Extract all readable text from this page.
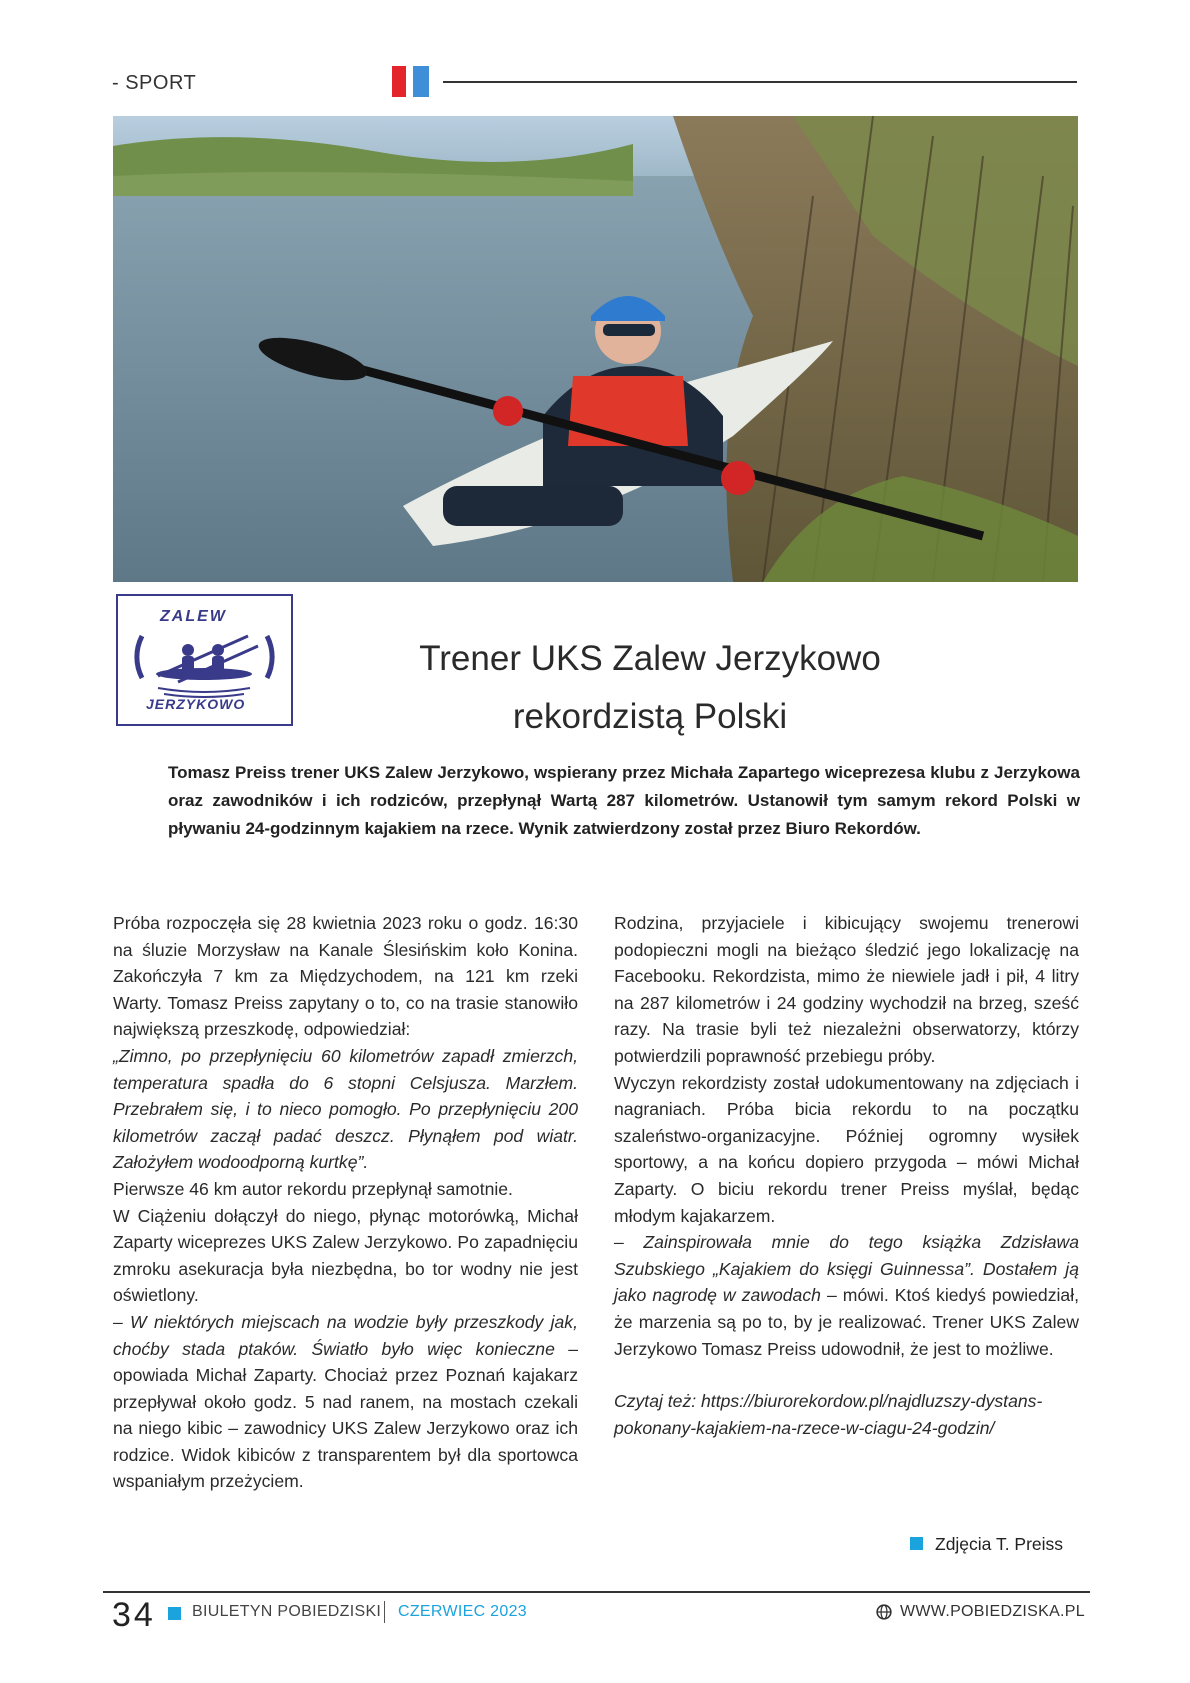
- SPORT
ZALEW
JERZYKOWO
Trener UKS Zalew Jerzykowo
rekordzistą Polski
Tomasz Preiss trener UKS Zalew Jerzykowo, wspierany przez Michała Zapartego wiceprezesa klubu z Jerzykowa oraz zawodników i ich rodziców, przepłynął Wartą 287 kilometrów. Ustanowił tym samym rekord Polski w pływaniu 24-godzinnym kajakiem na rzece. Wynik zatwierdzony został przez Biuro Rekordów.

Próba rozpoczęła się 28 kwietnia 2023 roku o godz. 16:30 na śluzie Morzysław na Kanale Ślesińskim koło Konina. Zakończyła 7 km za Międzychodem, na 121 km rzeki Warty. Tomasz Preiss zapytany o to, co na trasie stanowiło największą przeszkodę, odpowiedział:

„Zimno, po przepłynięciu 60 kilometrów zapadł zmierzch, temperatura spadła do 6 stopni Celsjusza. Marzłem. Przebrałem się, i to nieco pomogło. Po przepłynięciu 200 kilometrów zaczął padać deszcz. Płynąłem pod wiatr. Założyłem wodoodporną kurtkę”.

Pierwsze 46 km autor rekordu przepłynął samotnie.

W Ciążeniu dołączył do niego, płynąc motorówką, Michał Zaparty wiceprezes UKS Zalew Jerzykowo. Po zapadnięciu zmroku asekuracja była niezbędna, bo tor wodny nie jest oświetlony.

– W niektórych miejscach na wodzie były przeszkody jak, choćby stada ptaków. Światło było więc konieczne – opowiada Michał Zaparty. Chociaż przez Poznań kajakarz przepływał około godz. 5 nad ranem, na mostach czekali na niego kibic – zawodnicy UKS Zalew Jerzykowo oraz ich rodzice. Widok kibiców z transparentem był dla sportowca wspaniałym przeżyciem.

Rodzina, przyjaciele i kibicujący swojemu trenerowi podopieczni mogli na bieżąco śledzić jego lokalizację na Facebooku. Rekordzista, mimo że niewiele jadł i pił, 4 litry na 287 kilometrów i 24 godziny wychodził na brzeg, sześć razy. Na trasie byli też niezależni obserwatorzy, którzy potwierdzili poprawność przebiegu próby.

Wyczyn rekordzisty został udokumentowany na zdjęciach i nagraniach. Próba bicia rekordu to na początku szaleństwo-organizacyjne. Później ogromny wysiłek sportowy, a na końcu dopiero przygoda – mówi Michał Zaparty. O biciu rekordu trener Preiss myślał, będąc młodym kajakarzem.

– Zainspirowała mnie do tego książka Zdzisława Szubskiego „Kajakiem do księgi Guinnessa”. Dostałem ją jako nagrodę w zawodach – mówi. Ktoś kiedyś powiedział, że marzenia są po to, by je realizować. Trener UKS Zalew Jerzykowo Tomasz Preiss udowodnił, że jest to możliwe.

Czytaj też: https://biurorekordow.pl/najdluzszy-dystans-pokonany-kajakiem-na-rzece-w-ciagu-24-godzin/

Zdjęcia T. Preiss
34 BIULETYN POBIEDZISKI CZERWIEC 2023	WWW.POBIEDZISKA.PL
